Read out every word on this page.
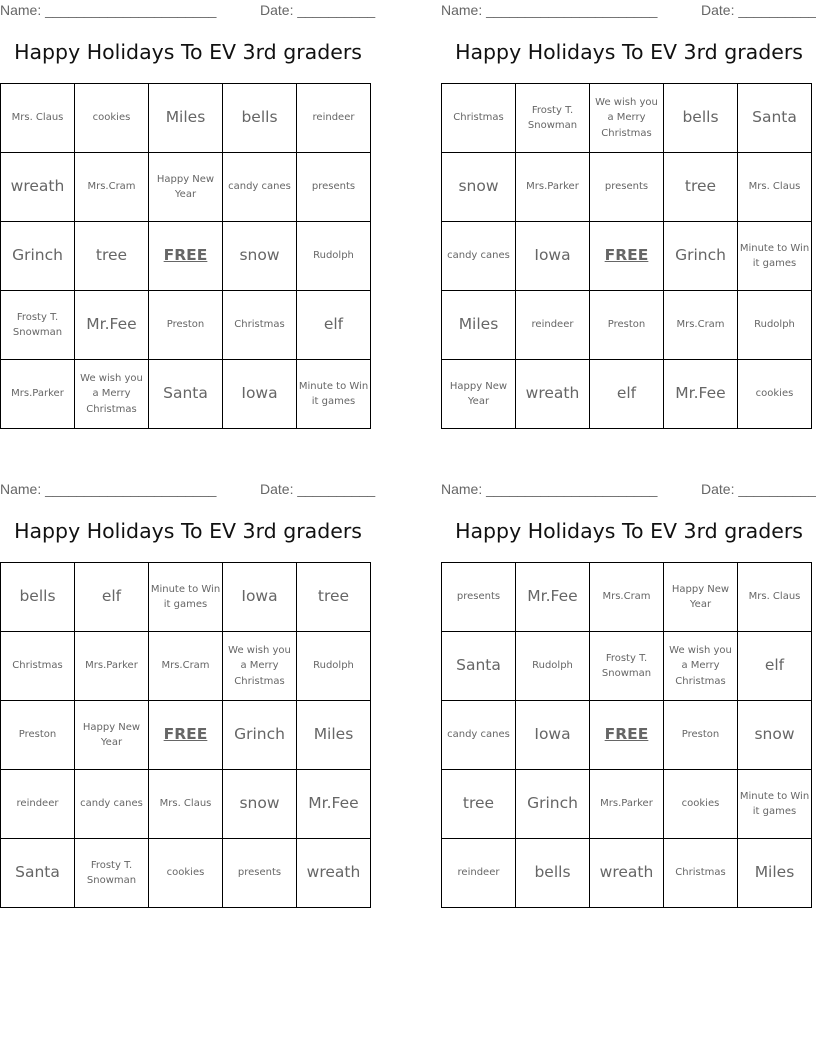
Name: ______________________	Date: __________
Happy Holidays To EV 3rd graders
Mrs. Claus	cookies	Miles	bells	reindeer
wreath	Mrs.Cram	Happy New Year	candy canes	presents
Grinch	tree	FREE	snow	Rudolph
Frosty T. Snowman	Mr.Fee	Preston	Christmas	elf
Mrs.Parker	We wish you a Merry Christmas	Santa	Iowa	Minute to Win it games
Name: ______________________	Date: __________
Happy Holidays To EV 3rd graders
Christmas	Frosty T. Snowman	We wish you a Merry Christmas	bells	Santa
snow	Mrs.Parker	presents	tree	Mrs. Claus
candy canes	Iowa	FREE	Grinch	Minute to Win it games
Miles	reindeer	Preston	Mrs.Cram	Rudolph
Happy New Year	wreath	elf	Mr.Fee	cookies
Name: ______________________	Date: __________
Happy Holidays To EV 3rd graders
bells	elf	Minute to Win it games	Iowa	tree
Christmas	Mrs.Parker	Mrs.Cram	We wish you a Merry Christmas	Rudolph
Preston	Happy New Year	FREE	Grinch	Miles
reindeer	candy canes	Mrs. Claus	snow	Mr.Fee
Santa	Frosty T. Snowman	cookies	presents	wreath
Name: ______________________	Date: __________
Happy Holidays To EV 3rd graders
presents	Mr.Fee	Mrs.Cram	Happy New Year	Mrs. Claus
Santa	Rudolph	Frosty T. Snowman	We wish you a Merry Christmas	elf
candy canes	Iowa	FREE	Preston	snow
tree	Grinch	Mrs.Parker	cookies	Minute to Win it games
reindeer	bells	wreath	Christmas	Miles
